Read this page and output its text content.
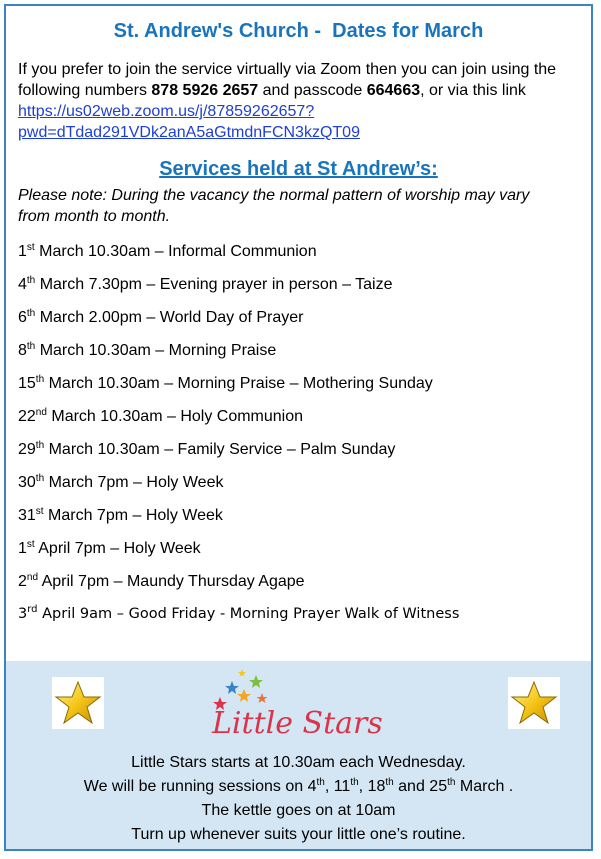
St. Andrew's Church -  Dates for March
If you prefer to join the service virtually via Zoom then you can join using the following numbers 878 5926 2657 and passcode 664663, or via this link
https://us02web.zoom.us/j/87859262657?
pwd=dTdad291VDk2anA5aGtmdnFCN3kzQT09
Services held at St Andrew’s:
Please note: During the vacancy the normal pattern of worship may vary from month to month.
1st March 10.30am – Informal Communion
4th March 7.30pm – Evening prayer in person – Taize
6th March 2.00pm – World Day of Prayer
8th March 10.30am – Morning Praise
15th March 10.30am – Morning Praise – Mothering Sunday
22nd March 10.30am – Holy Communion
29th March 10.30am – Family Service – Palm Sunday
30th March 7pm – Holy Week
31st March 7pm – Holy Week
1st April 7pm – Holy Week
2nd April 7pm – Maundy Thursday Agape
3rd April 9am – Good Friday - Morning Prayer Walk of Witness
Little Stars
Little Stars starts at 10.30am each Wednesday.
We will be running sessions on 4th, 11th, 18th and 25th March .
The kettle goes on at 10am
Turn up whenever suits your little one’s routine.
